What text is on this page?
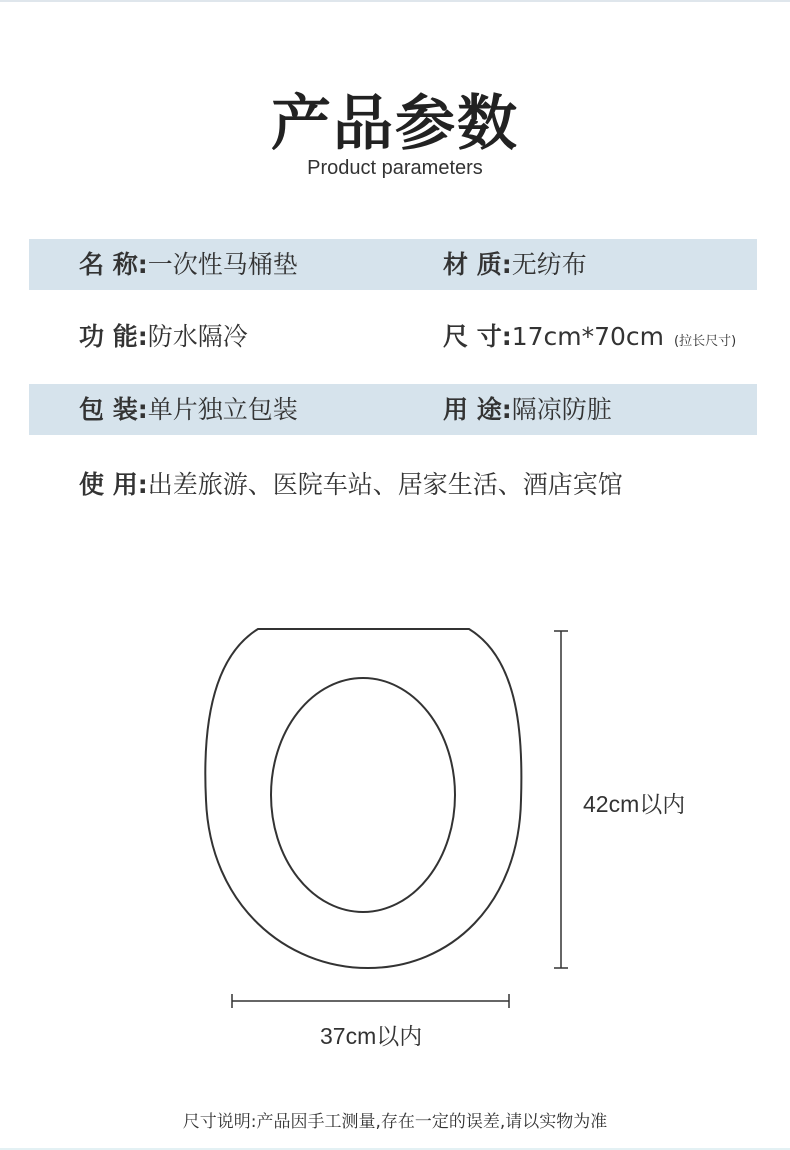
产品参数
Product parameters
名 称:一次性马桶垫	材 质:无纺布
功 能:防水隔冷	尺 寸:17cm*70cm (拉长尺寸)
包 装:单片独立包装	用 途:隔凉防脏
使 用:出差旅游、医院车站、居家生活、酒店宾馆
42cm以内
37cm以内
尺寸说明:产品因手工测量,存在一定的误差,请以实物为准
